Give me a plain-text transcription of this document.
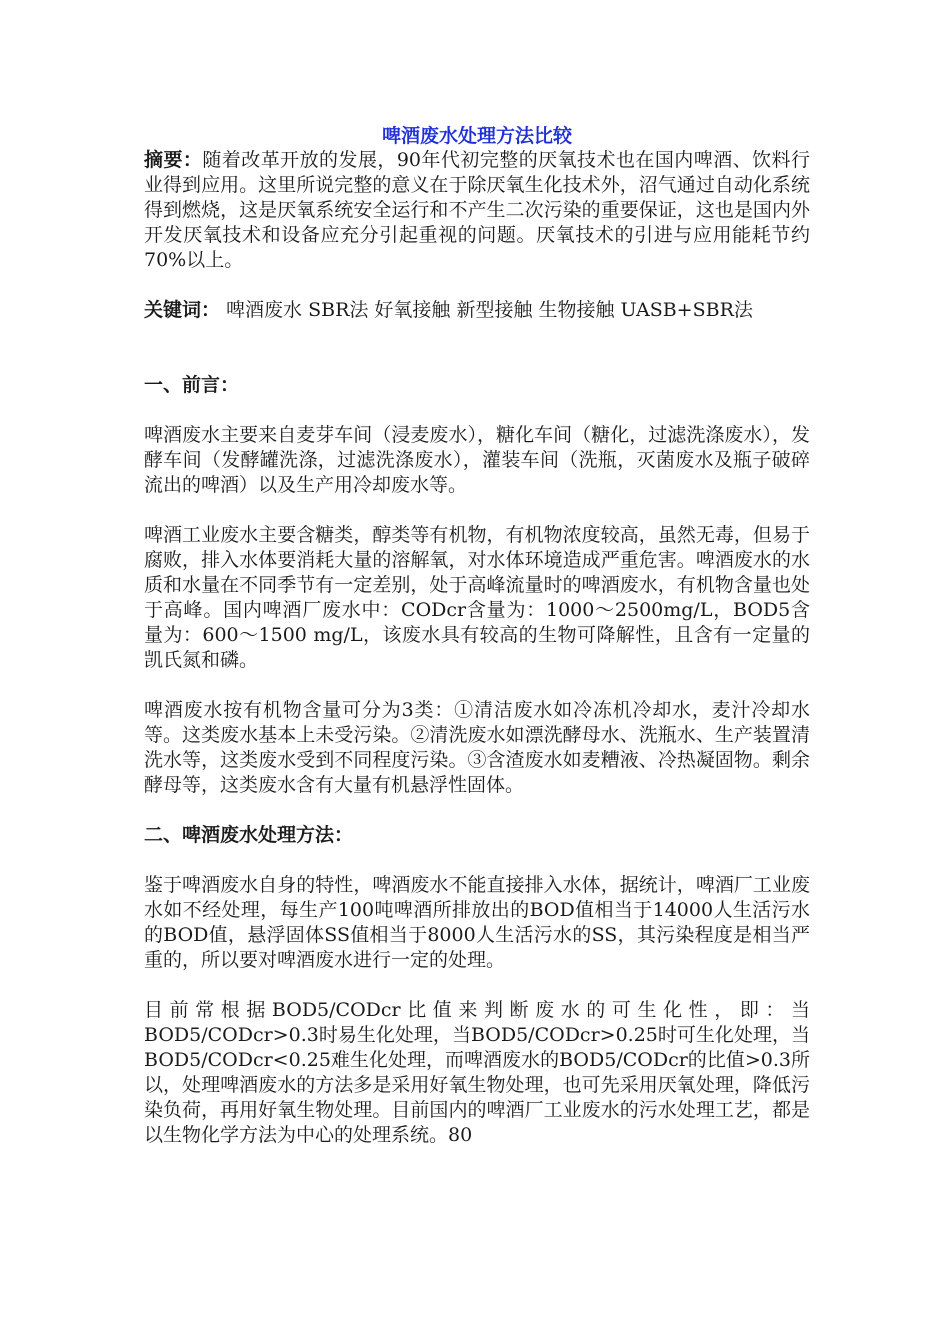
啤酒废水处理方法比较

摘要：随着改革开放的发展，90年代初完整的厌氧技术也在国内啤酒、饮料行业得到应用。这里所说完整的意义在于除厌氧生化技术外，沼气通过自动化系统得到燃烧，这是厌氧系统安全运行和不产生二次污染的重要保证，这也是国内外开发厌氧技术和设备应充分引起重视的问题。厌氧技术的引进与应用能耗节约70%以上。

关键词： 啤酒废水 SBR法 好氧接触 新型接触 生物接触 UASB+SBR法

一、前言：

啤酒废水主要来自麦芽车间（浸麦废水），糖化车间（糖化，过滤洗涤废水），发酵车间（发酵罐洗涤，过滤洗涤废水），灌装车间（洗瓶，灭菌废水及瓶子破碎流出的啤酒）以及生产用冷却废水等。

啤酒工业废水主要含糖类，醇类等有机物，有机物浓度较高，虽然无毒，但易于腐败，排入水体要消耗大量的溶解氧，对水体环境造成严重危害。啤酒废水的水质和水量在不同季节有一定差别，处于高峰流量时的啤酒废水，有机物含量也处于高峰。国内啤酒厂废水中：CODcr含量为：1000～2500mg/L，BOD5含量为：600～1500 mg/L，该废水具有较高的生物可降解性，且含有一定量的凯氏氮和磷。

啤酒废水按有机物含量可分为3类：①清洁废水如冷冻机冷却水，麦汁冷却水等。这类废水基本上未受污染。②清洗废水如漂洗酵母水、洗瓶水、生产装置清洗水等，这类废水受到不同程度污染。③含渣废水如麦糟液、冷热凝固物。剩余酵母等，这类废水含有大量有机悬浮性固体。

二、啤酒废水处理方法：

鉴于啤酒废水自身的特性，啤酒废水不能直接排入水体，据统计，啤酒厂工业废水如不经处理，每生产100吨啤酒所排放出的BOD值相当于14000人生活污水的BOD值，悬浮固体SS值相当于8000人生活污水的SS，其污染程度是相当严重的，所以要对啤酒废水进行一定的处理。

目前常根据BOD5/CODcr比值来判断废水的可生化性，即：当BOD5/CODcr>0.3时易生化处理，当BOD5/CODcr>0.25时可生化处理，当BOD5/CODcr<0.25难生化处理，而啤酒废水的BOD5/CODcr的比值>0.3所以，处理啤酒废水的方法多是采用好氧生物处理，也可先采用厌氧处理，降低污染负荷，再用好氧生物处理。目前国内的啤酒厂工业废水的污水处理工艺，都是以生物化学方法为中心的处理系统。80
